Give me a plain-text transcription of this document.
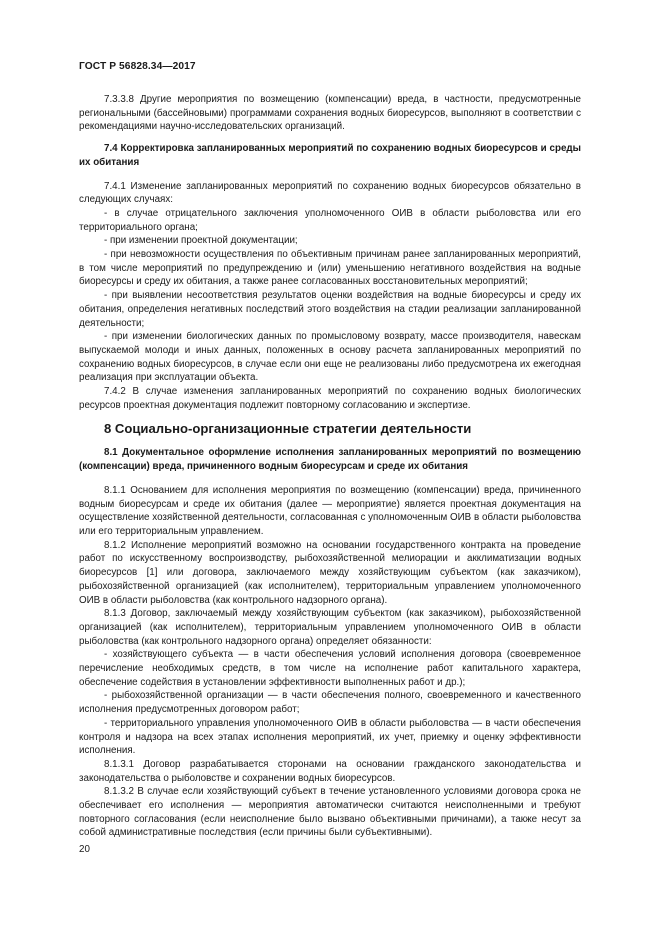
ГОСТ Р 56828.34—2017
7.3.3.8 Другие мероприятия по возмещению (компенсации) вреда, в частности, предусмотренные региональными (бассейновыми) программами сохранения водных биоресурсов, выполняют в соответствии с рекомендациями научно-исследовательских организаций.
7.4 Корректировка запланированных мероприятий по сохранению водных биоресурсов и среды их обитания
7.4.1 Изменение запланированных мероприятий по сохранению водных биоресурсов обязательно в следующих случаях:
- в случае отрицательного заключения уполномоченного ОИВ в области рыболовства или его территориального органа;
- при изменении проектной документации;
- при невозможности осуществления по объективным причинам ранее запланированных мероприятий, в том числе мероприятий по предупреждению и (или) уменьшению негативного воздействия на водные биоресурсы и среду их обитания, а также ранее согласованных восстановительных мероприятий;
- при выявлении несоответствия результатов оценки воздействия на водные биоресурсы и среду их обитания, определения негативных последствий этого воздействия на стадии реализации запланированной деятельности;
- при изменении биологических данных по промысловому возврату, массе производителя, навескам выпускаемой молоди и иных данных, положенных в основу расчета запланированных мероприятий по сохранению водных биоресурсов, в случае если они еще не реализованы либо предусмотрена их ежегодная реализация при эксплуатации объекта.
7.4.2 В случае изменения запланированных мероприятий по сохранению водных биологических ресурсов проектная документация подлежит повторному согласованию и экспертизе.
8 Социально-организационные стратегии деятельности
8.1 Документальное оформление исполнения запланированных мероприятий по возмещению (компенсации) вреда, причиненного водным биоресурсам и среде их обитания
8.1.1 Основанием для исполнения мероприятия по возмещению (компенсации) вреда, причиненного водным биоресурсам и среде их обитания (далее — мероприятие) является проектная документация на осуществление хозяйственной деятельности, согласованная с уполномоченным ОИВ в области рыболовства или его территориальным управлением.
8.1.2 Исполнение мероприятий возможно на основании государственного контракта на проведение работ по искусственному воспроизводству, рыбохозяйственной мелиорации и акклиматизации водных биоресурсов [1] или договора, заключаемого между хозяйствующим субъектом (как заказчиком), рыбохозяйственной организацией (как исполнителем), территориальным управлением уполномоченного ОИВ в области рыболовства (как контрольного надзорного органа).
8.1.3 Договор, заключаемый между хозяйствующим субъектом (как заказчиком), рыбохозяйственной организацией (как исполнителем), территориальным управлением уполномоченного ОИВ в области рыболовства (как контрольного надзорного органа) определяет обязанности:
- хозяйствующего субъекта — в части обеспечения условий исполнения договора (своевременное перечисление необходимых средств, в том числе на исполнение работ капитального характера, обеспечение содействия в установлении эффективности выполненных работ и др.);
- рыбохозяйственной организации — в части обеспечения полного, своевременного и качественного исполнения предусмотренных договором работ;
- территориального управления уполномоченного ОИВ в области рыболовства — в части обеспечения контроля и надзора на всех этапах исполнения мероприятий, их учет, приемку и оценку эффективности исполнения.
8.1.3.1 Договор разрабатывается сторонами на основании гражданского законодательства и законодательства о рыболовстве и сохранении водных биоресурсов.
8.1.3.2 В случае если хозяйствующий субъект в течение установленного условиями договора срока не обеспечивает его исполнения — мероприятия автоматически считаются неисполненными и требуют повторного согласования (если неисполнение было вызвано объективными причинами), а также несут за собой административные последствия (если причины были субъективными).
20
